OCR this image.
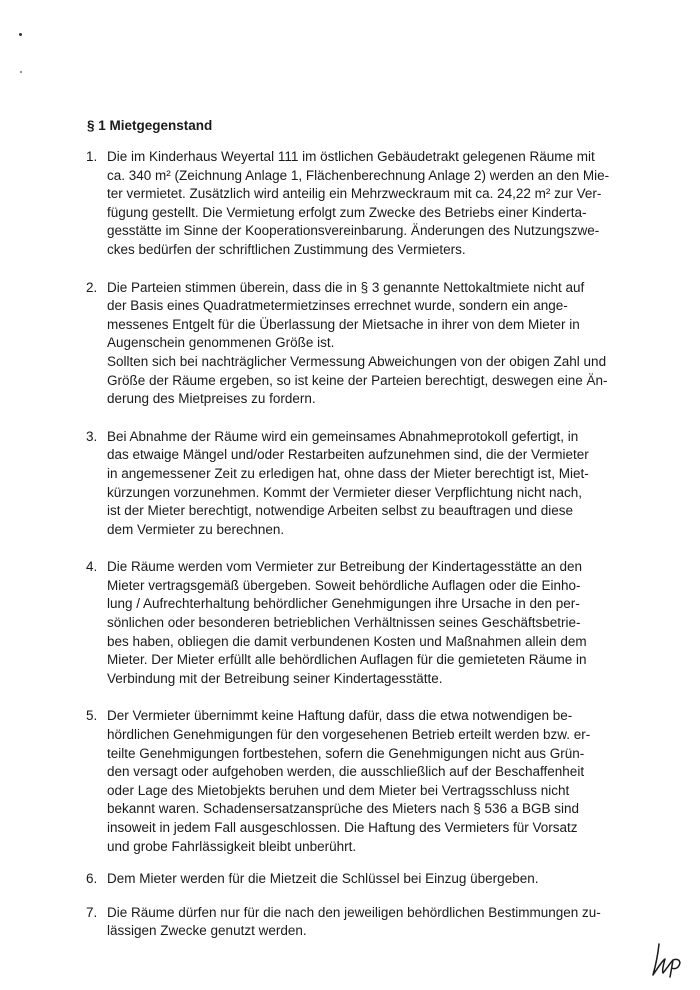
§ 1 Mietgegenstand
1. Die im Kinderhaus Weyertal 111 im östlichen Gebäudetrakt gelegenen Räume mit
ca. 340 m² (Zeichnung Anlage 1, Flächenberechnung Anlage 2) werden an den Mie-
ter vermietet. Zusätzlich wird anteilig ein Mehrzweckraum mit ca. 24,22 m² zur Ver-
fügung gestellt. Die Vermietung erfolgt zum Zwecke des Betriebs einer Kinderta-
gesstätte im Sinne der Kooperationsvereinbarung. Änderungen des Nutzungszwe-
ckes bedürfen der schriftlichen Zustimmung des Vermieters.
2. Die Parteien stimmen überein, dass die in § 3 genannte Nettokaltmiete nicht auf
der Basis eines Quadratmetermietzinses errechnet wurde, sondern ein ange-
messenes Entgelt für die Überlassung der Mietsache in ihrer von dem Mieter in
Augenschein genommenen Größe ist.
Sollten sich bei nachträglicher Vermessung Abweichungen von der obigen Zahl und
Größe der Räume ergeben, so ist keine der Parteien berechtigt, deswegen eine Än-
derung des Mietpreises zu fordern.
3. Bei Abnahme der Räume wird ein gemeinsames Abnahmeprotokoll gefertigt, in
das etwaige Mängel und/oder Restarbeiten aufzunehmen sind, die der Vermieter
in angemessener Zeit zu erledigen hat, ohne dass der Mieter berechtigt ist, Miet-
kürzungen vorzunehmen. Kommt der Vermieter dieser Verpflichtung nicht nach,
ist der Mieter berechtigt, notwendige Arbeiten selbst zu beauftragen und diese
dem Vermieter zu berechnen.
4. Die Räume werden vom Vermieter zur Betreibung der Kindertagesstätte an den
Mieter vertragsgemäß übergeben. Soweit behördliche Auflagen oder die Einho-
lung / Aufrechterhaltung behördlicher Genehmigungen ihre Ursache in den per-
sönlichen oder besonderen betrieblichen Verhältnissen seines Geschäftsbetrie-
bes haben, obliegen die damit verbundenen Kosten und Maßnahmen allein dem
Mieter. Der Mieter erfüllt alle behördlichen Auflagen für die gemieteten Räume in
Verbindung mit der Betreibung seiner Kindertagesstätte.
5. Der Vermieter übernimmt keine Haftung dafür, dass die etwa notwendigen be-
hördlichen Genehmigungen für den vorgesehenen Betrieb erteilt werden bzw. er-
teilte Genehmigungen fortbestehen, sofern die Genehmigungen nicht aus Grün-
den versagt oder aufgehoben werden, die ausschließlich auf der Beschaffenheit
oder Lage des Mietobjekts beruhen und dem Mieter bei Vertragsschluss nicht
bekannt waren. Schadensersatzansprüche des Mieters nach § 536 a BGB sind
insoweit in jedem Fall ausgeschlossen. Die Haftung des Vermieters für Vorsatz
und grobe Fahrlässigkeit bleibt unberührt.
6. Dem Mieter werden für die Mietzeit die Schlüssel bei Einzug übergeben.
7. Die Räume dürfen nur für die nach den jeweiligen behördlichen Bestimmungen zu-
lässigen Zwecke genutzt werden.
